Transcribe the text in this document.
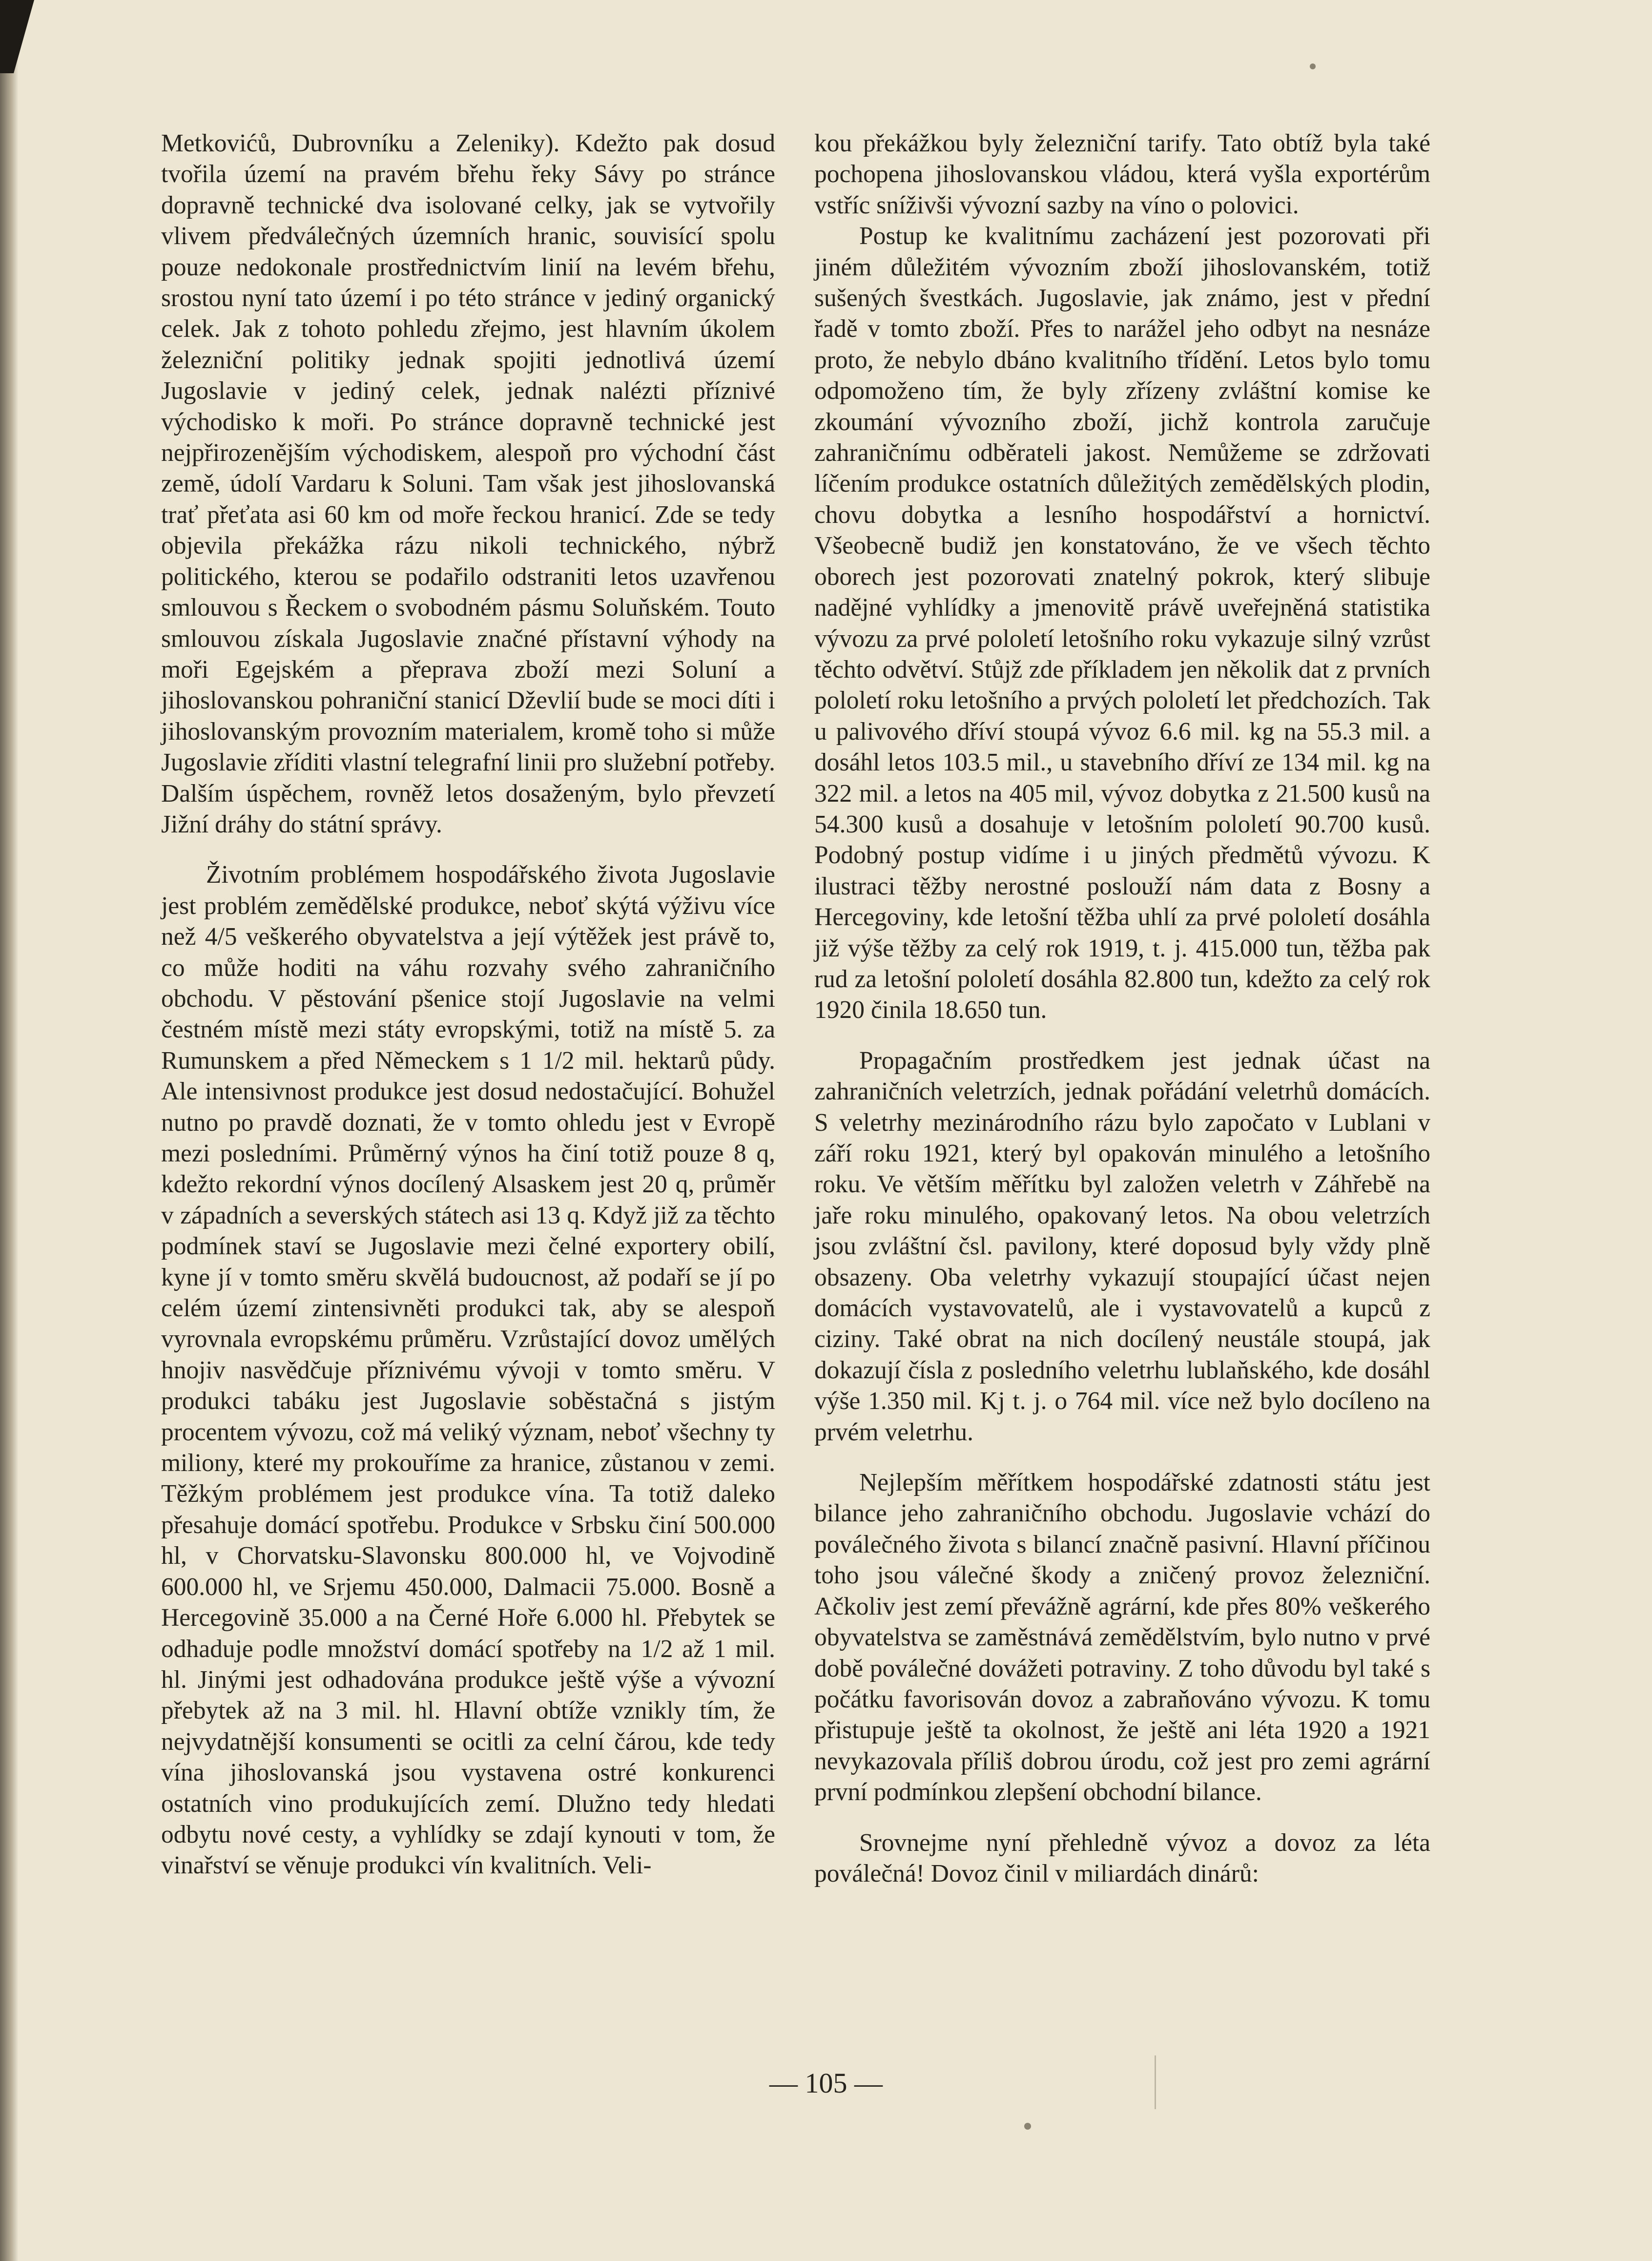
Metkovićů, Dubrovníku a Zeleniky). Kdežto pak dosud tvořila území na pravém břehu řeky Sávy po stránce dopravně technické dva isolované celky, jak se vytvořily vlivem předválečných územních hranic, souvisící spolu pouze nedokonale prostřednictvím linií na levém břehu, srostou nyní tato území i po této stránce v jediný organický celek. Jak z tohoto pohledu zřejmo, jest hlavním úkolem železniční politiky jednak spojiti jednotlivá území Jugoslavie v jediný celek, jednak nalézti příznivé východisko k moři. Po stránce dopravně technické jest nejpřirozenějším východiskem, alespoň pro východní část země, údolí Vardaru k Soluni. Tam však jest jihoslovanská trať přeťata asi 60 km od moře řeckou hranicí. Zde se tedy objevila překážka rázu nikoli technického, nýbrž politického, kterou se podařilo odstraniti letos uzavřenou smlouvou s Řeckem o svobodném pásmu Soluňském. Touto smlouvou získala Jugoslavie značné přístavní výhody na moři Egejském a přeprava zboží mezi Soluní a jihoslovanskou pohraniční stanicí Dževlií bude se moci díti i jihoslovanským provozním materialem, kromě toho si může Jugoslavie zříditi vlastní telegrafní linii pro služební potřeby. Dalším úspěchem, rovněž letos dosaženým, bylo převzetí Jižní dráhy do státní správy.

Životním problémem hospodářského života Jugoslavie jest problém zemědělské produkce, neboť skýtá výživu více než 4/5 veškerého obyvatelstva a její výtěžek jest právě to, co může hoditi na váhu rozvahy svého zahraničního obchodu. V pěstování pšenice stojí Jugoslavie na velmi čestném místě mezi státy evropskými, totiž na místě 5. za Rumunskem a před Německem s 1 1/2 mil. hektarů půdy. Ale intensivnost produkce jest dosud nedostačující. Bohužel nutno po pravdě doznati, že v tomto ohledu jest v Evropě mezi posledními. Průměrný výnos ha činí totiž pouze 8 q, kdežto rekordní výnos docílený Alsaskem jest 20 q, průměr v západních a severských státech asi 13 q. Když již za těchto podmínek staví se Jugoslavie mezi čelné exportery obilí, kyne jí v tomto směru skvělá budoucnost, až podaří se jí po celém území zintensivněti produkci tak, aby se alespoň vyrovnala evropskému průměru. Vzrůstající dovoz umělých hnojiv nasvědčuje příznivému vývoji v tomto směru. V produkci tabáku jest Jugoslavie soběstačná s jistým procentem vývozu, což má veliký význam, neboť všechny ty miliony, které my prokouříme za hranice, zůstanou v zemi. Těžkým problémem jest produkce vína. Ta totiž daleko přesahuje domácí spotřebu. Produkce v Srbsku činí 500.000 hl, v Chorvatsku-Slavonsku 800.000 hl, ve Vojvodině 600.000 hl, ve Srjemu 450.000, Dalmacii 75.000. Bosně a Hercegovině 35.000 a na Černé Hoře 6.000 hl. Přebytek se odhaduje podle množství domácí spotřeby na 1/2 až 1 mil. hl. Jinými jest odhadována produkce ještě výše a vývozní přebytek až na 3 mil. hl. Hlavní obtíže vznikly tím, že nejvydatnější konsumenti se ocitli za celní čárou, kde tedy vína jihoslovanská jsou vystavena ostré konkurenci ostatních vino produkujících zemí. Dlužno tedy hledati odbytu nové cesty, a vyhlídky se zdají kynouti v tom, že vinařství se věnuje produkci vín kvalitních. Veli-

kou překážkou byly železniční tarify. Tato obtíž byla také pochopena jihoslovanskou vládou, která vyšla exportérům vstříc sníživši vývozní sazby na víno o polovici.

Postup ke kvalitnímu zacházení jest pozorovati při jiném důležitém vývozním zboží jihoslovanském, totiž sušených švestkách. Jugoslavie, jak známo, jest v přední řadě v tomto zboží. Přes to narážel jeho odbyt na nesnáze proto, že nebylo dbáno kvalitního třídění. Letos bylo tomu odpomoženo tím, že byly zřízeny zvláštní komise ke zkoumání vývozního zboží, jichž kontrola zaručuje zahraničnímu odběrateli jakost. Nemůžeme se zdržovati líčením produkce ostatních důležitých zemědělských plodin, chovu dobytka a lesního hospodářství a hornictví. Všeobecně budiž jen konstatováno, že ve všech těchto oborech jest pozorovati znatelný pokrok, který slibuje nadějné vyhlídky a jmenovitě právě uveřejněná statistika vývozu za prvé pololetí letošního roku vykazuje silný vzrůst těchto odvětví. Stůjž zde příkladem jen několik dat z prvních pololetí roku letošního a prvých pololetí let předchozích. Tak u palivového dříví stoupá vývoz 6.6 mil. kg na 55.3 mil. a dosáhl letos 103.5 mil., u stavebního dříví ze 134 mil. kg na 322 mil. a letos na 405 mil, vývoz dobytka z 21.500 kusů na 54.300 kusů a dosahuje v letošním pololetí 90.700 kusů. Podobný postup vidíme i u jiných předmětů vývozu. K ilustraci těžby nerostné poslouží nám data z Bosny a Hercegoviny, kde letošní těžba uhlí za prvé pololetí dosáhla již výše těžby za celý rok 1919, t. j. 415.000 tun, těžba pak rud za letošní pololetí dosáhla 82.800 tun, kdežto za celý rok 1920 činila 18.650 tun.

Propagačním prostředkem jest jednak účast na zahraničních veletrzích, jednak pořádání veletrhů domácích. S veletrhy mezinárodního rázu bylo započato v Lublani v září roku 1921, který byl opakován minulého a letošního roku. Ve větším měřítku byl založen veletrh v Záhřebě na jaře roku minulého, opakovaný letos. Na obou veletrzích jsou zvláštní čsl. pavilony, které doposud byly vždy plně obsazeny. Oba veletrhy vykazují stoupající účast nejen domácích vystavovatelů, ale i vystavovatelů a kupců z ciziny. Také obrat na nich docílený neustále stoupá, jak dokazují čísla z posledního veletrhu lublaňského, kde dosáhl výše 1.350 mil. Kj t. j. o 764 mil. více než bylo docíleno na prvém veletrhu.

Nejlepším měřítkem hospodářské zdatnosti státu jest bilance jeho zahraničního obchodu. Jugoslavie vchází do poválečného života s bilancí značně pasivní. Hlavní příčinou toho jsou válečné škody a zničený provoz železniční. Ačkoliv jest zemí převážně agrární, kde přes 80% veškerého obyvatelstva se zaměstnává zemědělstvím, bylo nutno v prvé době poválečné dovážeti potraviny. Z toho důvodu byl také s počátku favorisován dovoz a zabraňováno vývozu. K tomu přistupuje ještě ta okolnost, že ještě ani léta 1920 a 1921 nevykazovala příliš dobrou úrodu, což jest pro zemi agrární první podmínkou zlepšení obchodní bilance.

Srovnejme nyní přehledně vývoz a dovoz za léta poválečná! Dovoz činil v miliardách dinárů:

— 105 —
